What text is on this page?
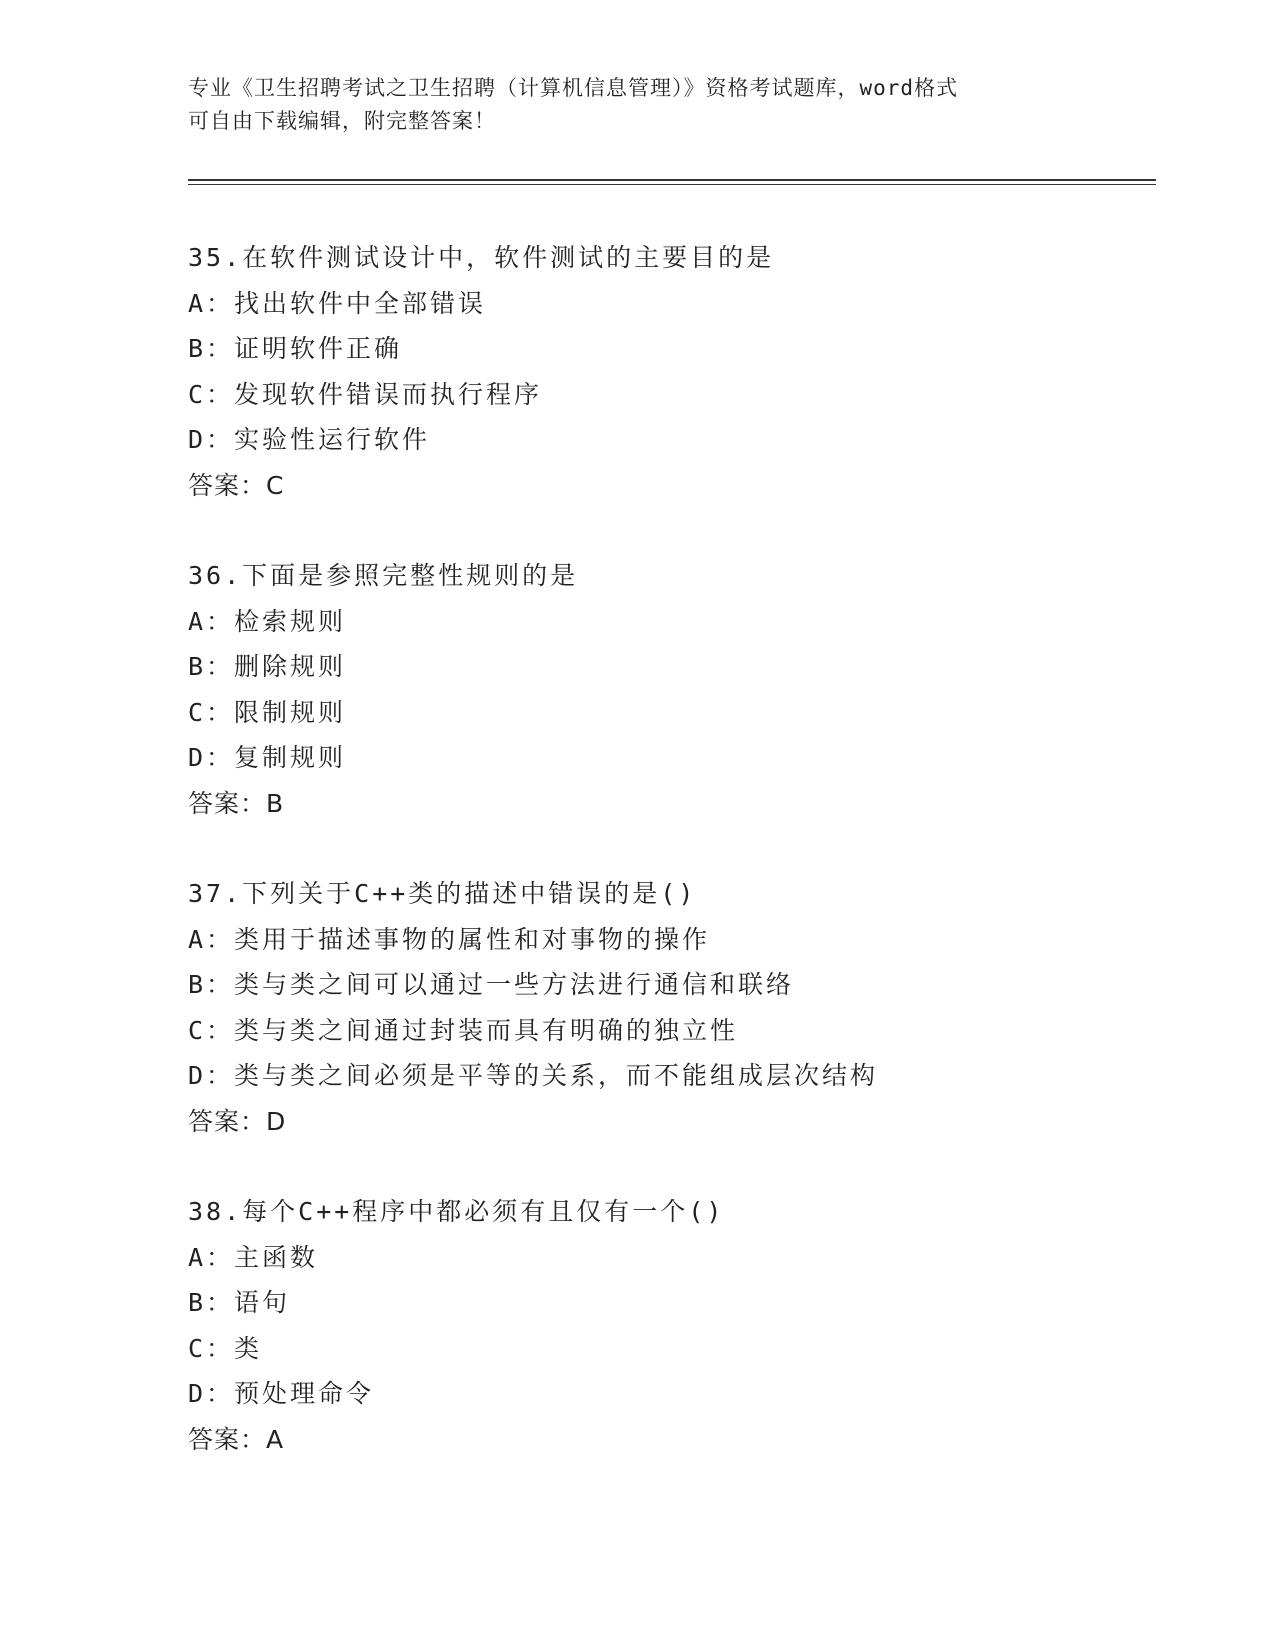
专业《卫生招聘考试之卫生招聘（计算机信息管理）》资格考试题库，word格式
可自由下载编辑，附完整答案！
35.在软件测试设计中，软件测试的主要目的是
A：找出软件中全部错误
B：证明软件正确
C：发现软件错误而执行程序
D：实验性运行软件
答案：C
36.下面是参照完整性规则的是
A：检索规则
B：删除规则
C：限制规则
D：复制规则
答案：B
37.下列关于C++类的描述中错误的是()
A：类用于描述事物的属性和对事物的操作
B：类与类之间可以通过一些方法进行通信和联络
C：类与类之间通过封装而具有明确的独立性
D：类与类之间必须是平等的关系，而不能组成层次结构
答案：D
38.每个C++程序中都必须有且仅有一个()
A：主函数
B：语句
C：类
D：预处理命令
答案：A
